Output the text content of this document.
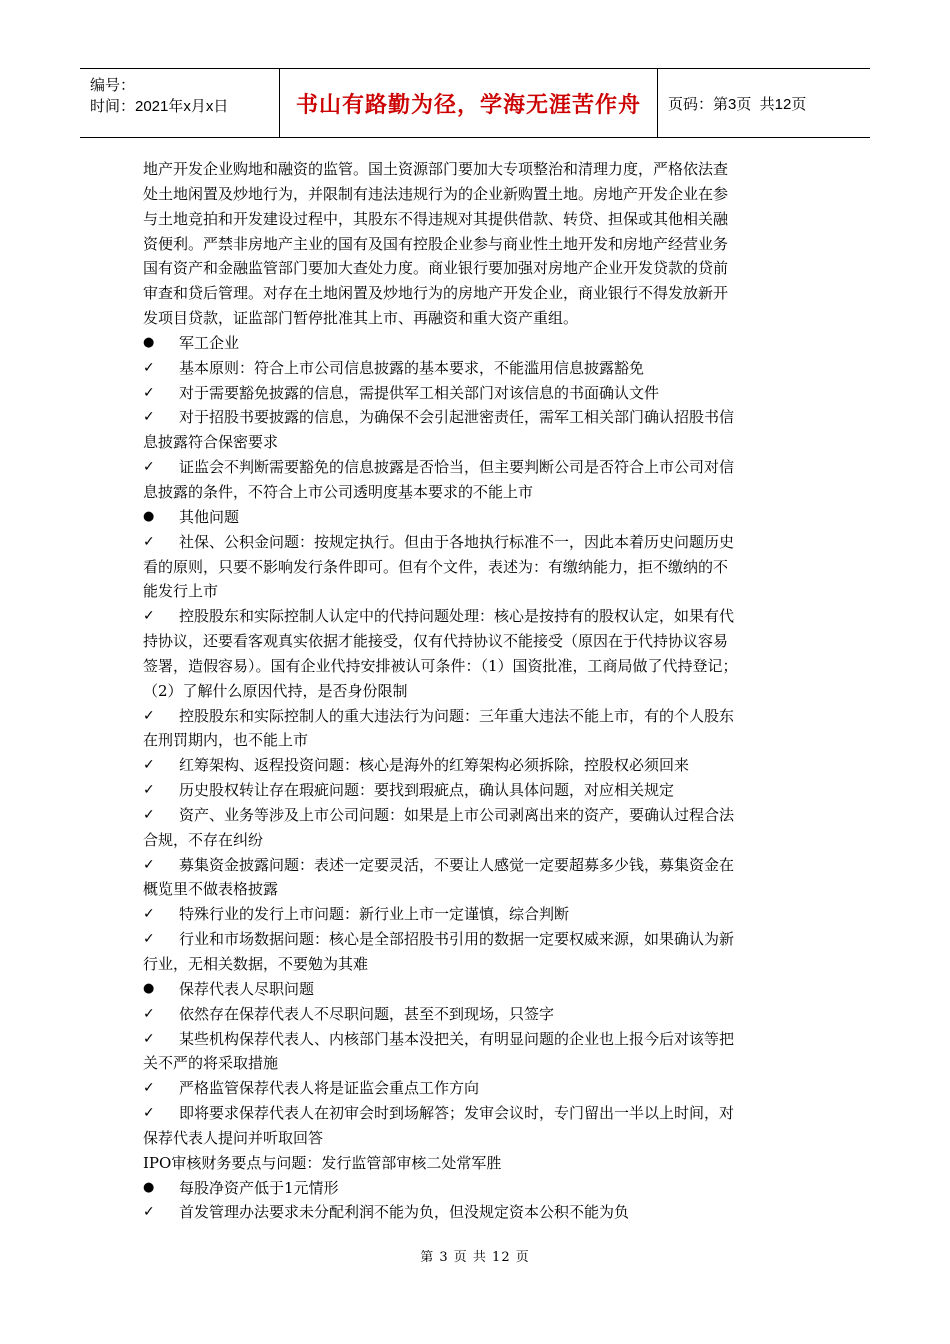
编号：
时间：2021年x月x日	书山有路勤为径，学海无涯苦作舟	页码：第3页  共12页
地产开发企业购地和融资的监管。国土资源部门要加大专项整治和清理力度，严格依法查
处土地闲置及炒地行为，并限制有违法违规行为的企业新购置土地。房地产开发企业在参
与土地竞拍和开发建设过程中，其股东不得违规对其提供借款、转贷、担保或其他相关融
资便利。严禁非房地产主业的国有及国有控股企业参与商业性土地开发和房地产经营业务
国有资产和金融监管部门要加大查处力度。商业银行要加强对房地产企业开发贷款的贷前
审查和贷后管理。对存在土地闲置及炒地行为的房地产开发企业，商业银行不得发放新开
发项目贷款，证监部门暂停批准其上市、再融资和重大资产重组。
●	军工企业
✓	基本原则：符合上市公司信息披露的基本要求，不能滥用信息披露豁免
✓	对于需要豁免披露的信息，需提供军工相关部门对该信息的书面确认文件
✓	对于招股书要披露的信息，为确保不会引起泄密责任，需军工相关部门确认招股书信
息披露符合保密要求
✓	证监会不判断需要豁免的信息披露是否恰当，但主要判断公司是否符合上市公司对信
息披露的条件，不符合上市公司透明度基本要求的不能上市
●	其他问题
✓	社保、公积金问题：按规定执行。但由于各地执行标准不一，因此本着历史问题历史
看的原则，只要不影响发行条件即可。但有个文件，表述为：有缴纳能力，拒不缴纳的不
能发行上市
✓	控股股东和实际控制人认定中的代持问题处理：核心是按持有的股权认定，如果有代
持协议，还要看客观真实依据才能接受，仅有代持协议不能接受（原因在于代持协议容易
签署，造假容易）。国有企业代持安排被认可条件：（1）国资批准，工商局做了代持登记；
（2）了解什么原因代持，是否身份限制
✓	控股股东和实际控制人的重大违法行为问题：三年重大违法不能上市，有的个人股东
在刑罚期内，也不能上市
✓	红筹架构、返程投资问题：核心是海外的红筹架构必须拆除，控股权必须回来
✓	历史股权转让存在瑕疵问题：要找到瑕疵点，确认具体问题，对应相关规定
✓	资产、业务等涉及上市公司问题：如果是上市公司剥离出来的资产，要确认过程合法
合规，不存在纠纷
✓	募集资金披露问题：表述一定要灵活，不要让人感觉一定要超募多少钱，募集资金在
概览里不做表格披露
✓	特殊行业的发行上市问题：新行业上市一定谨慎，综合判断
✓	行业和市场数据问题：核心是全部招股书引用的数据一定要权威来源，如果确认为新
行业，无相关数据，不要勉为其难
●	保荐代表人尽职问题
✓	依然存在保荐代表人不尽职问题，甚至不到现场，只签字
✓	某些机构保荐代表人、内核部门基本没把关，有明显问题的企业也上报今后对该等把
关不严的将采取措施
✓	严格监管保荐代表人将是证监会重点工作方向
✓	即将要求保荐代表人在初审会时到场解答；发审会议时，专门留出一半以上时间，对
保荐代表人提问并听取回答
IPO审核财务要点与问题：发行监管部审核二处常军胜
●	每股净资产低于1元情形
✓	首发管理办法要求未分配利润不能为负，但没规定资本公积不能为负
第 3 页 共 12 页
